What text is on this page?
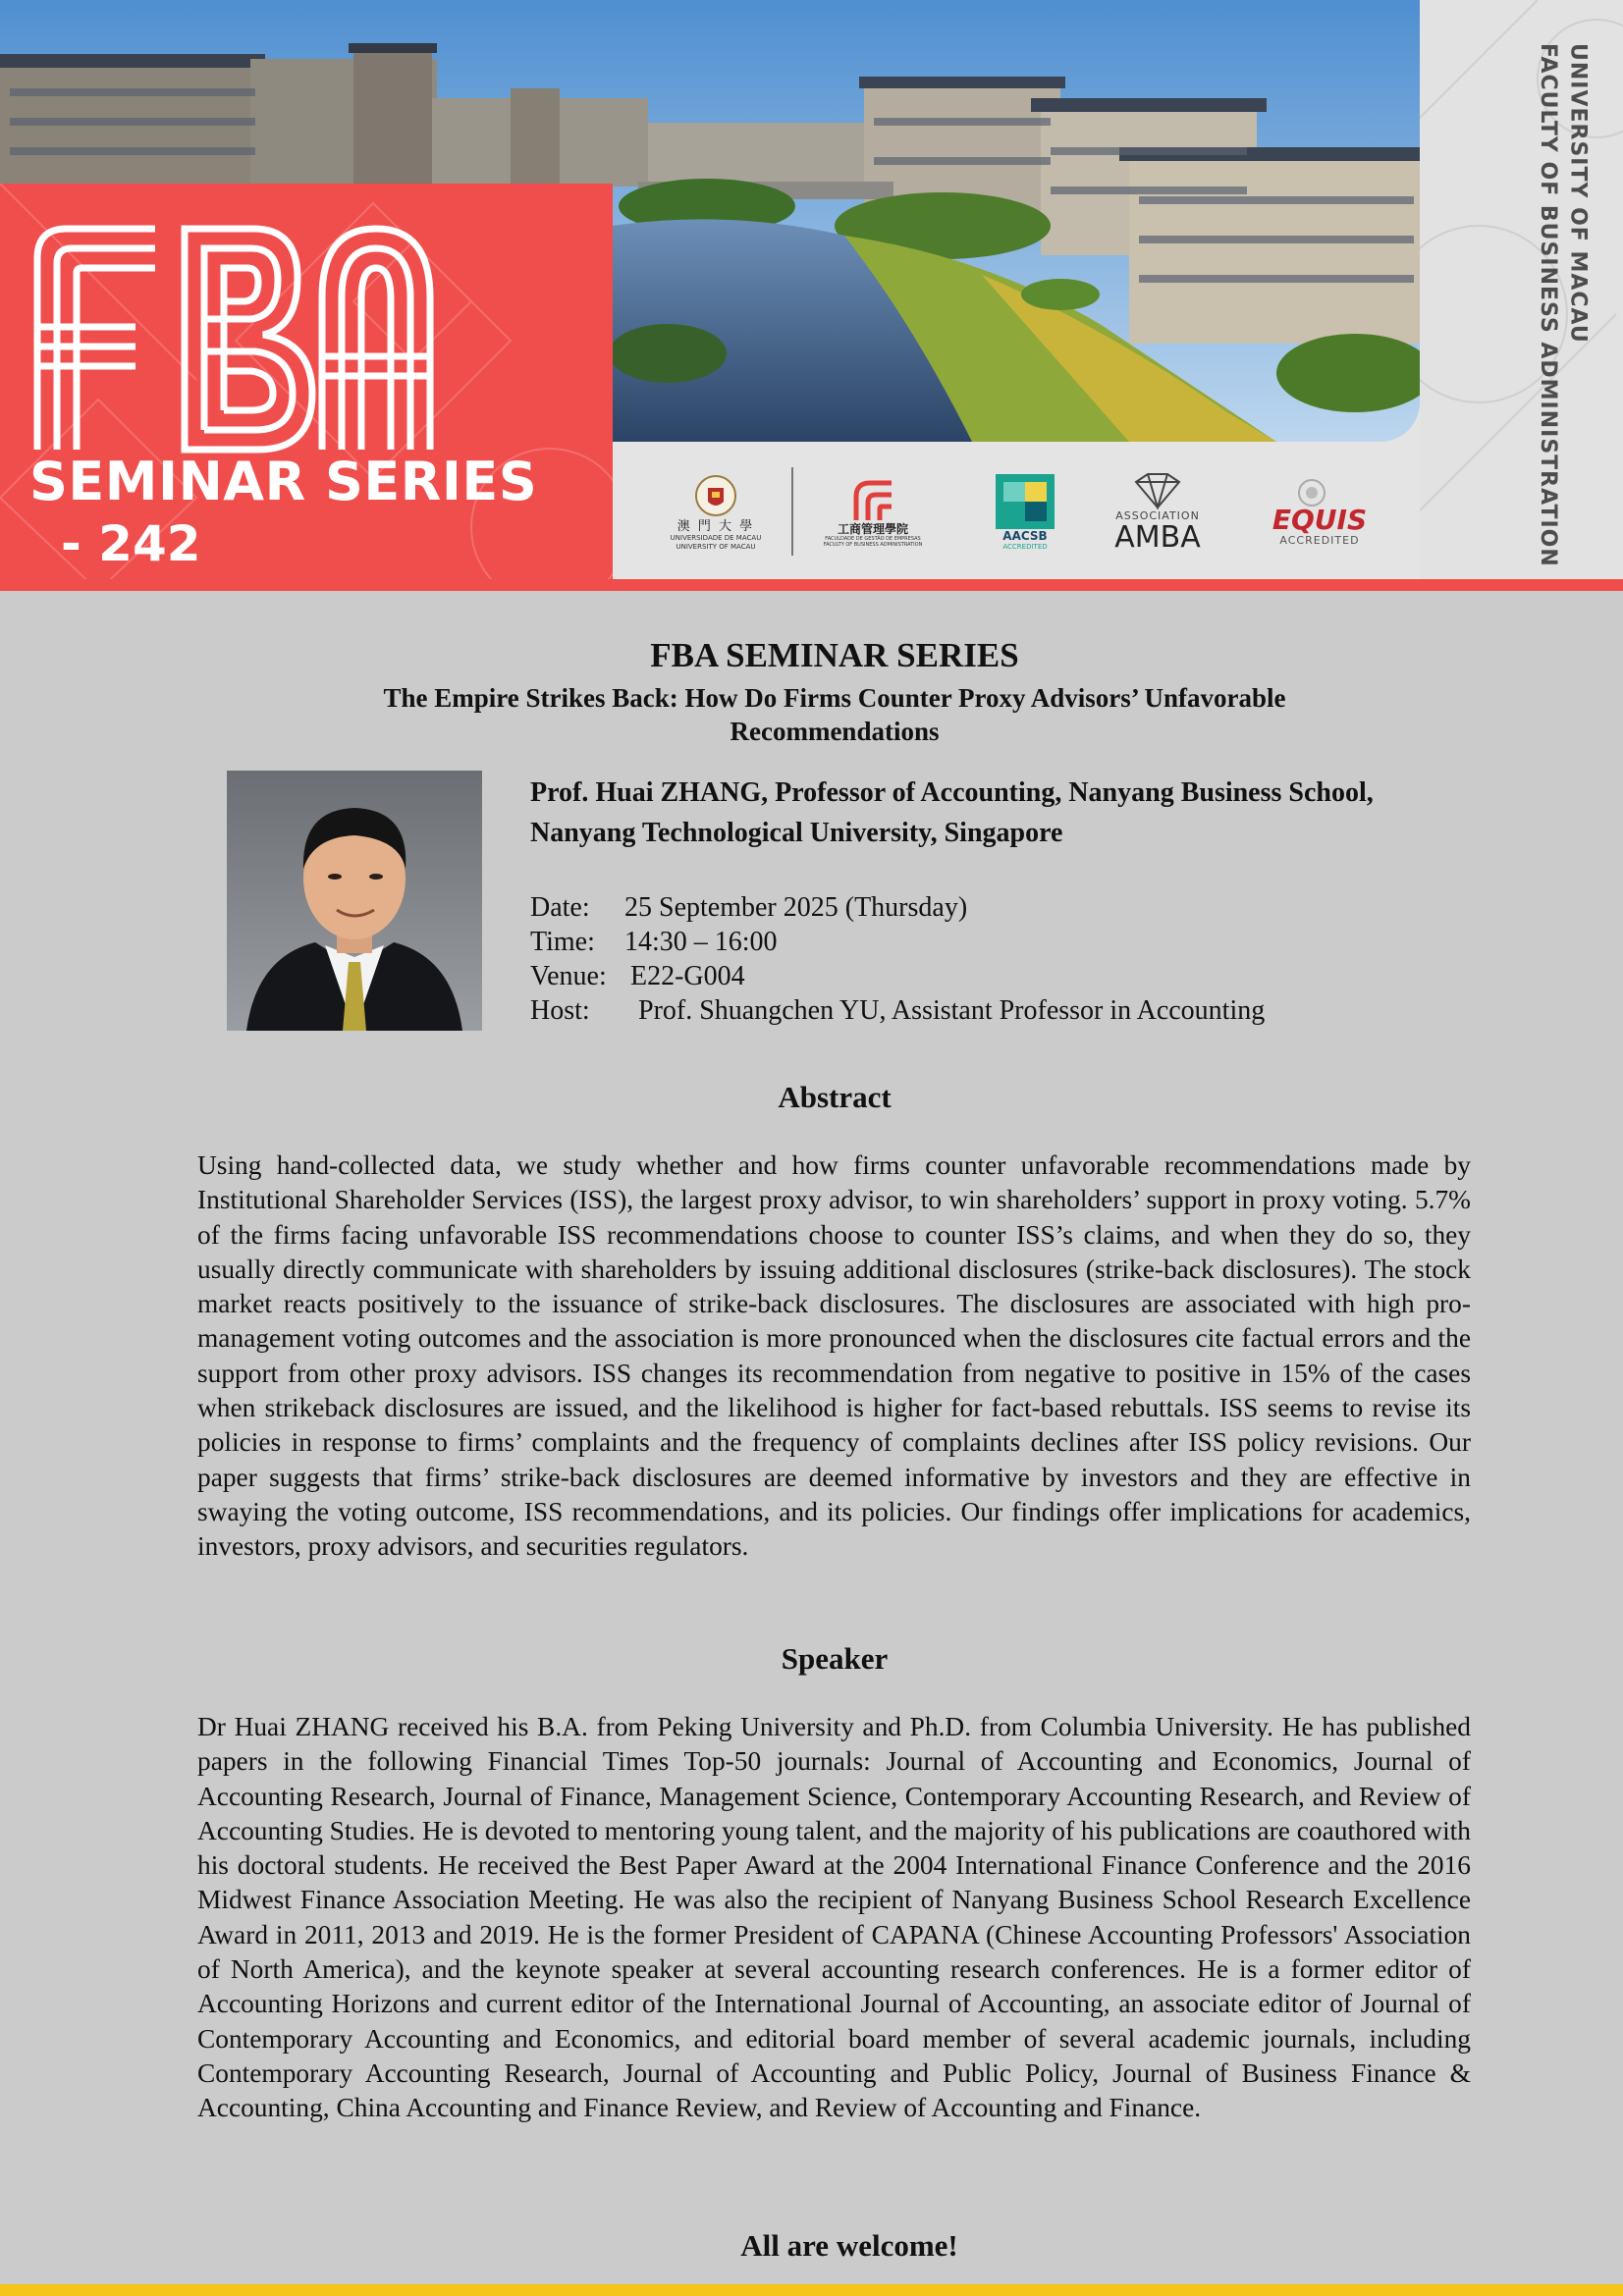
SEMINAR SERIES
- 242	澳 門 大 學
UNIVERSIDADE DE MACAU
UNIVERSITY OF MACAU
工商管理學院
FACULDADE DE GESTÃO DE EMPRESAS
FACULTY OF BUSINESS ADMINISTRATION
AACSB
ACCREDITED
ASSOCIATION
AMBA	EQUIS
ACCREDITED
UNIVERSITY OF MACAU
FACULTY OF BUSINESS ADMINISTRATION
FBA SEMINAR SERIES
The Empire Strikes Back: How Do Firms Counter Proxy Advisors’ Unfavorable
Recommendations
Prof. Huai ZHANG, Professor of Accounting, Nanyang Business School,
Nanyang Technological University, Singapore
Date: 25 September 2025 (Thursday)
Time: 14:30 – 16:00
Venue: E22-G004
Host: Prof. Shuangchen YU, Assistant Professor in Accounting
Abstract
Using hand-collected data, we study whether and how firms counter unfavorable recommendations made by Institutional Shareholder Services (ISS), the largest proxy advisor, to win shareholders’ support in proxy voting. 5.7% of the firms facing unfavorable ISS recommendations choose to counter ISS’s claims, and when they do so, they usually directly communicate with shareholders by issuing additional disclosures (strike-back disclosures). The stock market reacts positively to the issuance of strike-back disclosures. The disclosures are associated with high pro-management voting outcomes and the association is more pronounced when the disclosures cite factual errors and the support from other proxy advisors. ISS changes its recommendation from negative to positive in 15% of the cases when strikeback disclosures are issued, and the likelihood is higher for fact-based rebuttals. ISS seems to revise its policies in response to firms’ complaints and the frequency of complaints declines after ISS policy revisions. Our paper suggests that firms’ strike-back disclosures are deemed informative by investors and they are effective in swaying the voting outcome, ISS recommendations, and its policies. Our findings offer implications for academics, investors, proxy advisors, and securities regulators.
Speaker
Dr Huai ZHANG received his B.A. from Peking University and Ph.D. from Columbia University. He has published papers in the following Financial Times Top-50 journals: Journal of Accounting and Economics, Journal of Accounting Research, Journal of Finance, Management Science, Contemporary Accounting Research, and Review of Accounting Studies. He is devoted to mentoring young talent, and the majority of his publications are coauthored with his doctoral students. He received the Best Paper Award at the 2004 International Finance Conference and the 2016 Midwest Finance Association Meeting. He was also the recipient of Nanyang Business School Research Excellence Award in 2011, 2013 and 2019. He is the former President of CAPANA (Chinese Accounting Professors' Association of North America), and the keynote speaker at several accounting research conferences. He is a former editor of Accounting Horizons and current editor of the International Journal of Accounting, an associate editor of Journal of Contemporary Accounting and Economics, and editorial board member of several academic journals, including Contemporary Accounting Research, Journal of Accounting and Public Policy, Journal of Business Finance & Accounting, China Accounting and Finance Review, and Review of Accounting and Finance.
All are welcome!
